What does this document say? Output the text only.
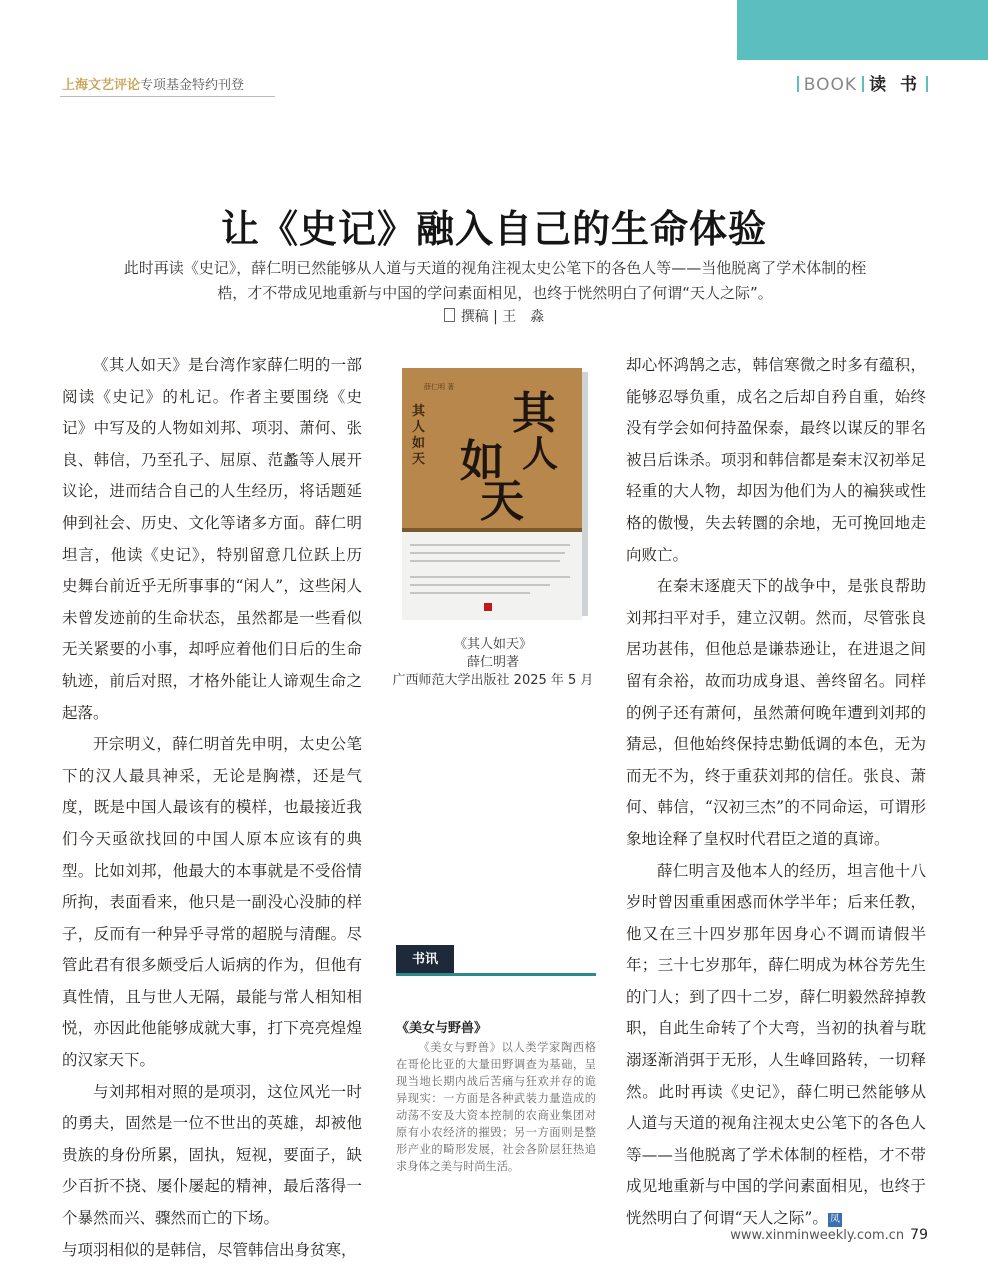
上海文艺评论专项基金特约刊登	BOOK 读 书
让《史记》融入自己的生命体验

此时再读《史记》，薛仁明已然能够从人道与天道的视角注视太史公笔下的各色人等——当他脱离了学术体制的桎梏，才不带成见地重新与中国的学问素面相见，也终于恍然明白了何谓“天人之际”。

撰稿 | 王　淼

《其人如天》是台湾作家薛仁明的一部阅读《史记》的札记。作者主要围绕《史记》中写及的人物如刘邦、项羽、萧何、张良、韩信，乃至孔子、屈原、范蠡等人展开议论，进而结合自己的人生经历，将话题延伸到社会、历史、文化等诸多方面。薛仁明坦言，他读《史记》，特别留意几位跃上历史舞台前近乎无所事事的“闲人”，这些闲人未曾发迹前的生命状态，虽然都是一些看似无关紧要的小事，却呼应着他们日后的生命轨迹，前后对照，才格外能让人谛观生命之起落。

开宗明义，薛仁明首先申明，太史公笔下的汉人最具神采，无论是胸襟，还是气度，既是中国人最该有的模样，也最接近我们今天亟欲找回的中国人原本应该有的典型。比如刘邦，他最大的本事就是不受俗情所拘，表面看来，他只是一副没心没肺的样子，反而有一种异乎寻常的超脱与清醒。尽管此君有很多颇受后人诟病的作为，但他有真性情，且与世人无隔，最能与常人相知相悦，亦因此他能够成就大事，打下亮亮煌煌的汉家天下。

与刘邦相对照的是项羽，这位风光一时的勇夫，固然是一位不世出的英雄，却被他贵族的身份所累，固执，短视，要面子，缺少百折不挠、屡仆屡起的精神，最后落得一个暴然而兴、骤然而亡的下场。

与项羽相似的是韩信，尽管韩信出身贫寒，

薛仁明 著
其人如天
其
人
如
天
《其人如天》
薛仁明著
广西师范大学出版社 2025 年 5 月
书讯
《美女与野兽》

《美女与野兽》以人类学家陶西格在哥伦比亚的大量田野调查为基础，呈现当地长期内战后苦痛与狂欢并存的诡异现实：一方面是各种武装力量造成的动荡不安及大资本控制的农商业集团对原有小农经济的摧毁；另一方面则是整形产业的畸形发展，社会各阶层狂热追求身体之美与时尚生活。

却心怀鸿鹄之志，韩信寒微之时多有蕴积，能够忍辱负重，成名之后却自矜自重，始终没有学会如何持盈保泰，最终以谋反的罪名被吕后诛杀。项羽和韩信都是秦末汉初举足轻重的大人物，却因为他们为人的褊狭或性格的傲慢，失去转圜的余地，无可挽回地走向败亡。

在秦末逐鹿天下的战争中，是张良帮助刘邦扫平对手，建立汉朝。然而，尽管张良居功甚伟，但他总是谦恭逊让，在进退之间留有余裕，故而功成身退、善终留名。同样的例子还有萧何，虽然萧何晚年遭到刘邦的猜忌，但他始终保持忠勤低调的本色，无为而无不为，终于重获刘邦的信任。张良、萧何、韩信，“汉初三杰”的不同命运，可谓形象地诠释了皇权时代君臣之道的真谛。

薛仁明言及他本人的经历，坦言他十八岁时曾因重重困惑而休学半年；后来任教，他又在三十四岁那年因身心不调而请假半年；三十七岁那年，薛仁明成为林谷芳先生的门人；到了四十二岁，薛仁明毅然辞掉教职，自此生命转了个大弯，当初的执着与耽溺逐渐消弭于无形，人生峰回路转，一切释然。此时再读《史记》，薛仁明已然能够从人道与天道的视角注视太史公笔下的各色人等——当他脱离了学术体制的桎梏，才不带成见地重新与中国的学问素面相见，也终于恍然明白了何谓“天人之际”。 凤

www.xinminweekly.com.cn 79
